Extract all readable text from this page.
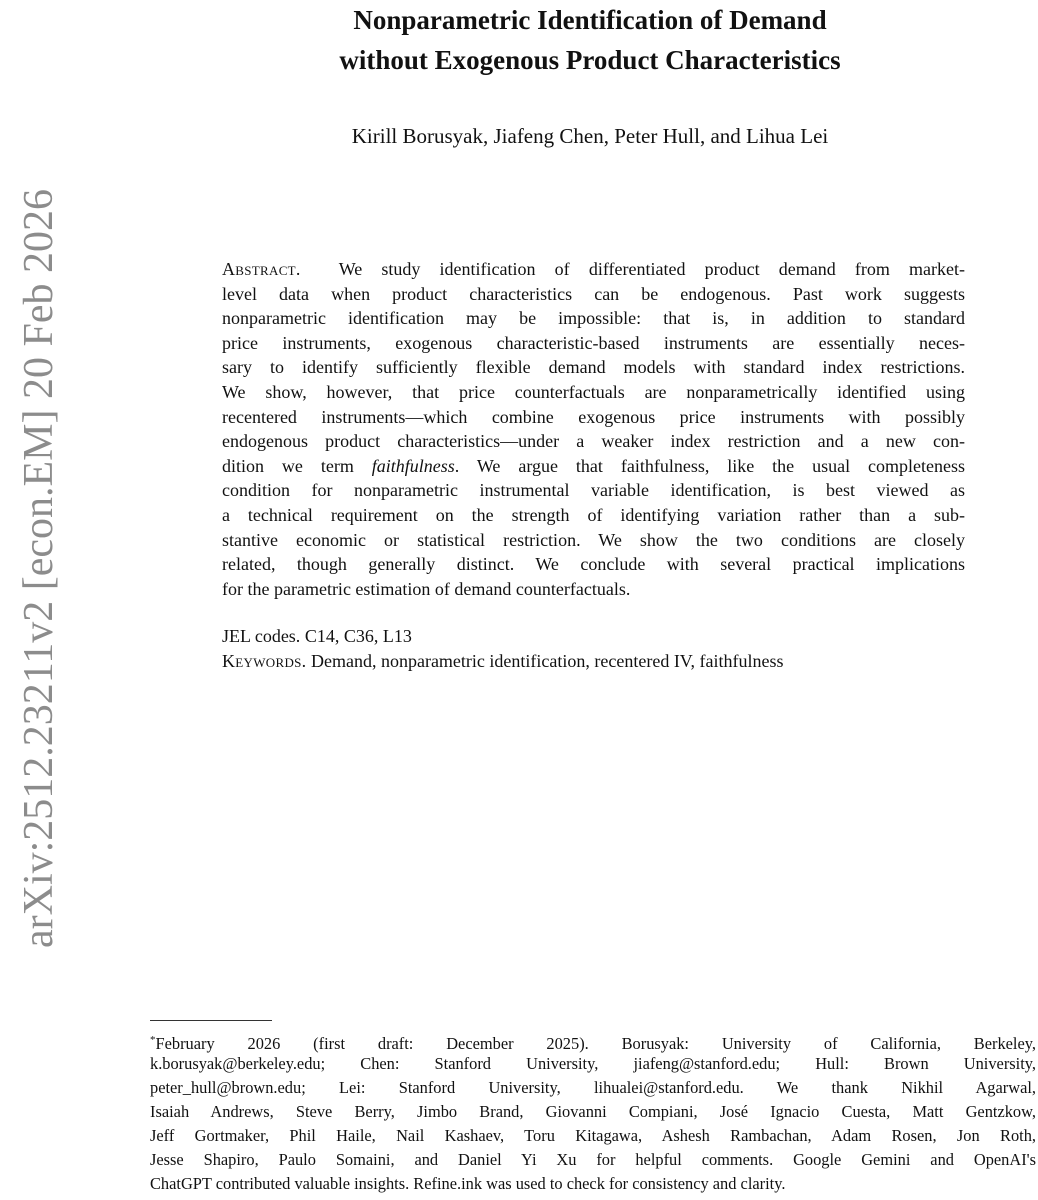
arXiv:2512.23211v2 [econ.EM] 20 Feb 2026
Nonparametric Identification of Demand
without Exogenous Product Characteristics
Kirill Borusyak, Jiafeng Chen, Peter Hull, and Lihua Lei
Abstract. We study identification of differentiated product demand from market-
level data when product characteristics can be endogenous. Past work suggests
nonparametric identification may be impossible: that is, in addition to standard
price instruments, exogenous characteristic-based instruments are essentially neces-
sary to identify sufficiently flexible demand models with standard index restrictions.
We show, however, that price counterfactuals are nonparametrically identified using
recentered instruments—which combine exogenous price instruments with possibly
endogenous product characteristics—under a weaker index restriction and a new con-
dition we term faithfulness. We argue that faithfulness, like the usual completeness
condition for nonparametric instrumental variable identification, is best viewed as
a technical requirement on the strength of identifying variation rather than a sub-
stantive economic or statistical restriction. We show the two conditions are closely
related, though generally distinct. We conclude with several practical implications
for the parametric estimation of demand counterfactuals.
JEL codes. C14, C36, L13
Keywords. Demand, nonparametric identification, recentered IV, faithfulness
*February 2026 (first draft: December 2025). Borusyak: University of California, Berkeley,
k.borusyak@berkeley.edu; Chen: Stanford University, jiafeng@stanford.edu; Hull: Brown University,
peter_hull@brown.edu; Lei: Stanford University, lihualei@stanford.edu. We thank Nikhil Agarwal,
Isaiah Andrews, Steve Berry, Jimbo Brand, Giovanni Compiani, José Ignacio Cuesta, Matt Gentzkow,
Jeff Gortmaker, Phil Haile, Nail Kashaev, Toru Kitagawa, Ashesh Rambachan, Adam Rosen, Jon Roth,
Jesse Shapiro, Paulo Somaini, and Daniel Yi Xu for helpful comments. Google Gemini and OpenAI's
ChatGPT contributed valuable insights. Refine.ink was used to check for consistency and clarity.
